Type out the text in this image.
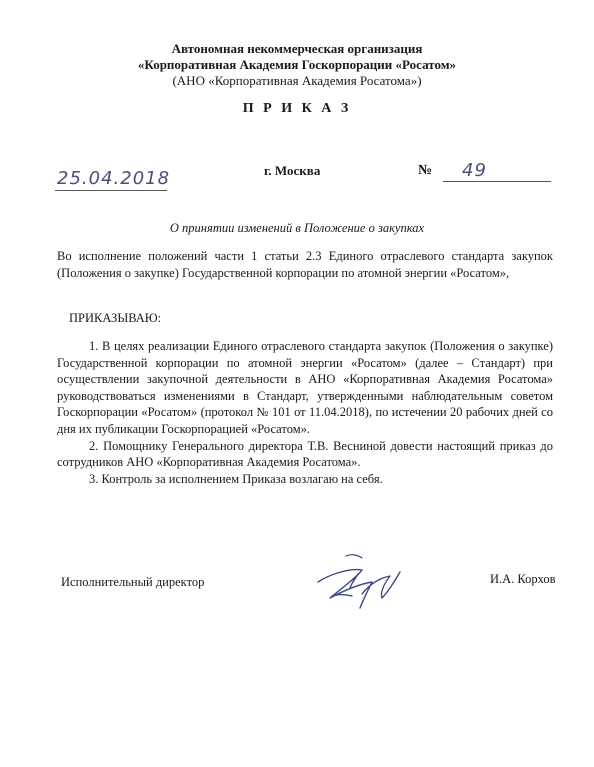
Автономная некоммерческая организация
«Корпоративная Академия Госкорпорации «Росатом»
(АНО «Корпоративная Академия Росатома»)
П Р И К А З
25.04.2018	г. Москва	№ 49
О принятии изменений в Положение о закупках
Во исполнение положений части 1 статьи 2.3 Единого отраслевого стандарта закупок (Положения о закупке) Государственной корпорации по атомной энергии «Росатом»,
ПРИКАЗЫВАЮ:
1. В целях реализации Единого отраслевого стандарта закупок (Положения о закупке) Государственной корпорации по атомной энергии «Росатом» (далее – Стандарт) при осуществлении закупочной деятельности в АНО «Корпоративная Академия Росатома» руководствоваться изменениями в Стандарт, утвержденными наблюдательным советом Госкорпорации «Росатом» (протокол № 101 от 11.04.2018), по истечении 20 рабочих дней со дня их публикации Госкорпорацией «Росатом».
2. Помощнику Генерального директора Т.В. Весниной довести настоящий приказ до сотрудников АНО «Корпоративная Академия Росатома».
3. Контроль за исполнением Приказа возлагаю на себя.
Исполнительный директор	И.А. Корхов
